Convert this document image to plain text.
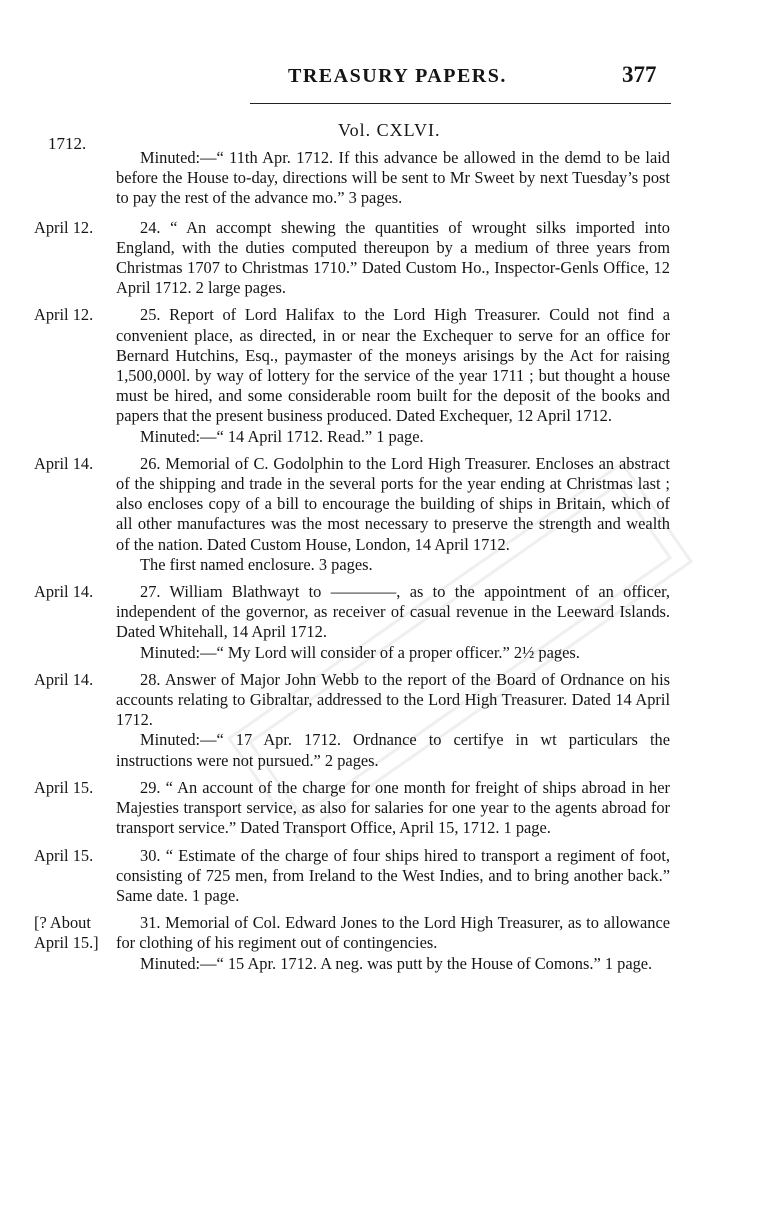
TREASURY PAPERS.	377
Vol. CXLVI.
1712.

Minuted:—“ 11th Apr. 1712. If this advance be allowed in the demd to be laid before the House to-day, directions will be sent to Mr Sweet by next Tuesday’s post to pay the rest of the advance mo.” 3 pages.

April 12.	24. “ An accompt shewing the quantities of wrought silks imported into England, with the duties computed thereupon by a medium of three years from Christmas 1707 to Christmas 1710.” Dated Custom Ho., Inspector-Genls Office, 12 April 1712. 2 large pages.

April 12.	25. Report of Lord Halifax to the Lord High Treasurer. Could not find a convenient place, as directed, in or near the Exchequer to serve for an office for Bernard Hutchins, Esq., paymaster of the moneys arisings by the Act for raising 1,500,000l. by way of lottery for the service of the year 1711 ; but thought a house must be hired, and some considerable room built for the deposit of the books and papers that the present business produced. Dated Exchequer, 12 April 1712.

Minuted:—“ 14 April 1712. Read.” 1 page.

April 14.	26. Memorial of C. Godolphin to the Lord High Treasurer. Encloses an abstract of the shipping and trade in the several ports for the year ending at Christmas last ; also encloses copy of a bill to encourage the building of ships in Britain, which of all other manufactures was the most necessary to preserve the strength and wealth of the nation. Dated Custom House, London, 14 April 1712.

The first named enclosure. 3 pages.

April 14.	27. William Blathwayt to ————, as to the appointment of an officer, independent of the governor, as receiver of casual revenue in the Leeward Islands. Dated Whitehall, 14 April 1712.

Minuted:—“ My Lord will consider of a proper officer.” 2½ pages.

April 14.	28. Answer of Major John Webb to the report of the Board of Ordnance on his accounts relating to Gibraltar, addressed to the Lord High Treasurer. Dated 14 April 1712.

Minuted:—“ 17 Apr. 1712. Ordnance to certifye in wt particulars the instructions were not pursued.” 2 pages.

April 15.	29. “ An account of the charge for one month for freight of ships abroad in her Majesties transport service, as also for salaries for one year to the agents abroad for transport service.” Dated Transport Office, April 15, 1712. 1 page.

April 15.	30. “ Estimate of the charge of four ships hired to transport a regiment of foot, consisting of 725 men, from Ireland to the West Indies, and to bring another back.” Same date. 1 page.

[? About
April 15.]

31. Memorial of Col. Edward Jones to the Lord High Treasurer, as to allowance for clothing of his regiment out of contingencies.

Minuted:—“ 15 Apr. 1712. A neg. was putt by the House of Comons.” 1 page.
